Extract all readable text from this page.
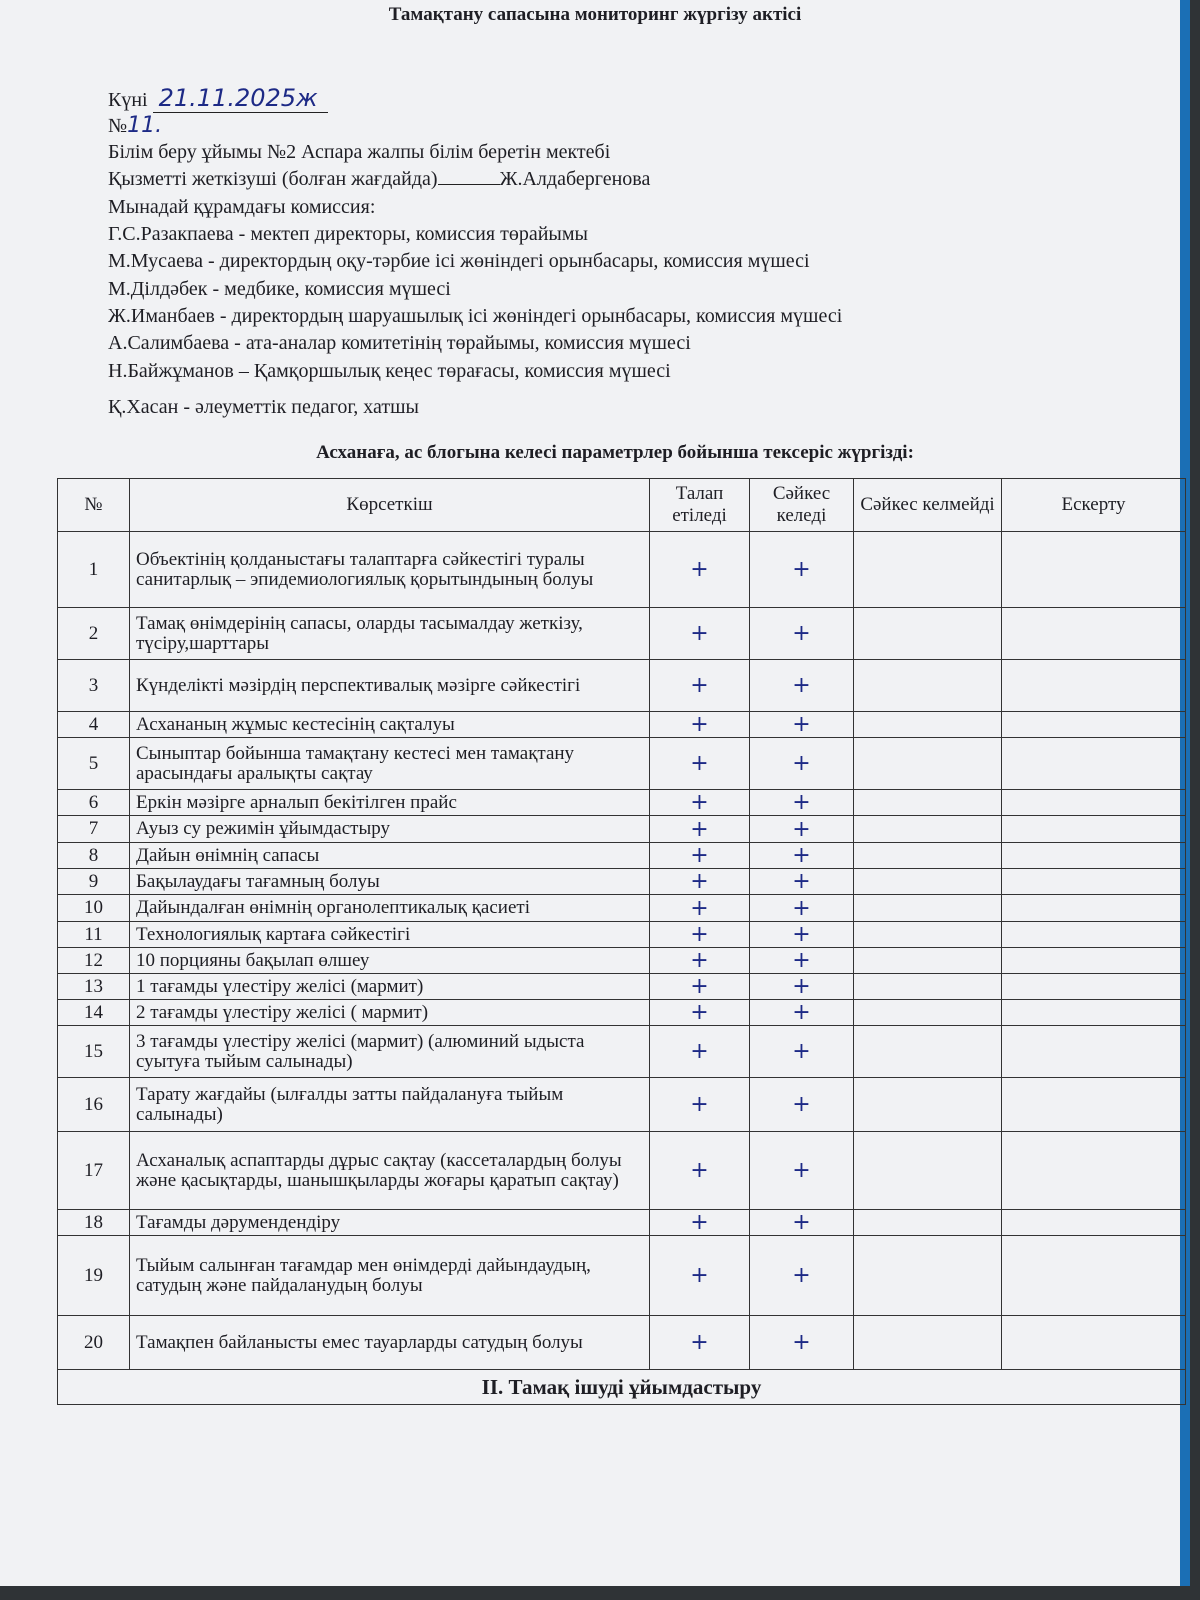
Тамақтану сапасына мониторинг жүргізу актісі
Күні 21.11.2025ж
№11.
Білім беру ұйымы №2 Аспара жалпы білім беретін мектебі
Қызметті жеткізуші (болған жағдайда)	Ж.Алдабергенова
Мынадай құрамдағы комиссия:
Г.С.Разакпаева - мектеп директоры, комиссия төрайымы
М.Мусаева - директордың оқу-тәрбие ісі жөніндегі орынбасары, комиссия мүшесі
М.Ділдәбек - медбике, комиссия мүшесі
Ж.Иманбаев - директордың шаруашылық ісі жөніндегі орынбасары, комиссия мүшесі
А.Салимбаева - ата-аналар комитетінің төрайымы, комиссия мүшесі
Н.Байжұманов – Қамқоршылық кеңес төрағасы, комиссия мүшесі
Қ.Хасан - әлеуметтік педагог, хатшы
Асханаға, ас блогына келесі параметрлер бойынша тексеріс жүргізді:
№	Көрсеткіш	Талап етіледі	Сәйкес келеді	Сәйкес келмейді	Ескерту
1	Объектінің қолданыстағы талаптарға сәйкестігі туралы санитарлық – эпидемиологиялық қорытындының болуы	+	+		
2	Тамақ өнімдерінің сапасы, оларды тасымалдау жеткізу, түсіру,шарттары	+	+		
3	Күнделікті мәзірдің перспективалық мәзірге сәйкестігі	+	+		
4	Асхананың жұмыс кестесінің сақталуы	+	+		
5	Сыныптар бойынша тамақтану кестесі мен тамақтану арасындағы аралықты сақтау	+	+		
6	Еркін мәзірге арналып бекітілген прайс	+	+		
7	Ауыз су режимін ұйымдастыру	+	+		
8	Дайын өнімнің сапасы	+	+		
9	Бақылаудағы тағамның болуы	+	+		
10	Дайындалған өнімнің органолептикалық қасиеті	+	+		
11	Технологиялық картаға сәйкестігі	+	+		
12	10 порцияны бақылап өлшеу	+	+		
13	1 тағамды үлестіру желісі (мармит)	+	+		
14	2 тағамды үлестіру желісі ( мармит)	+	+		
15	3 тағамды үлестіру желісі (мармит) (алюминий ыдыста суытуға тыйым салынады)	+	+		
16	Тарату жағдайы (ылғалды затты пайдалануға тыйым салынады)	+	+		
17	Асханалық аспаптарды дұрыс сақтау (кассеталардың болуы және қасықтарды, шанышқыларды жоғары қаратып сақтау)	+	+		
18	Тағамды дәрумендендіру	+	+		
19	Тыйым салынған тағамдар мен өнімдерді дайындаудың, сатудың және пайдаланудың болуы	+	+		
20	Тамақпен байланысты емес тауарларды сатудың болуы	+	+		
II. Тамақ ішуді ұйымдастыру					
